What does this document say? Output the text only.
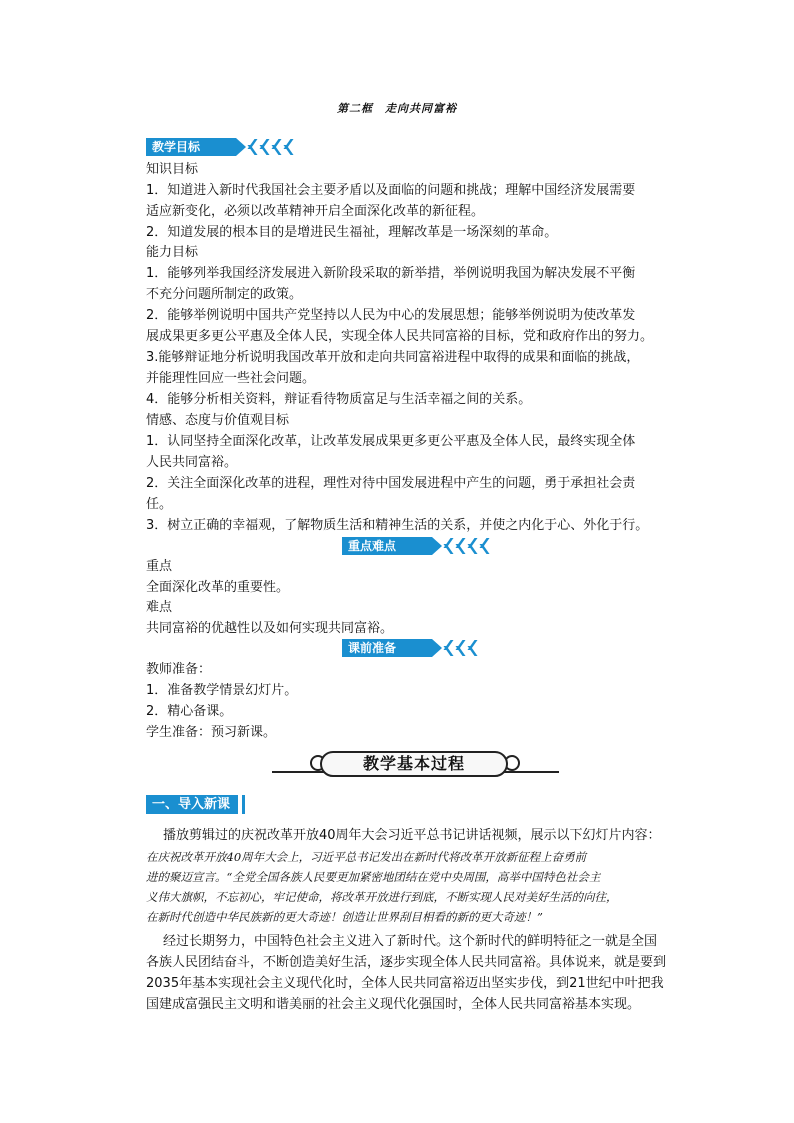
第二框 走向共同富裕
教学目标
知识目标
1．知道进入新时代我国社会主要矛盾以及面临的问题和挑战；理解中国经济发展需要
适应新变化，必须以改革精神开启全面深化改革的新征程。
2．知道发展的根本目的是增进民生福祉，理解改革是一场深刻的革命。
能力目标
1．能够列举我国经济发展进入新阶段采取的新举措，举例说明我国为解决发展不平衡
不充分问题所制定的政策。
2．能够举例说明中国共产党坚持以人民为中心的发展思想；能够举例说明为使改革发
展成果更多更公平惠及全体人民，实现全体人民共同富裕的目标，党和政府作出的努力。
3.能够辩证地分析说明我国改革开放和走向共同富裕进程中取得的成果和面临的挑战，
并能理性回应一些社会问题。
4．能够分析相关资料，辩证看待物质富足与生活幸福之间的关系。
情感、态度与价值观目标
1．认同坚持全面深化改革，让改革发展成果更多更公平惠及全体人民，最终实现全体
人民共同富裕。
2．关注全面深化改革的进程，理性对待中国发展进程中产生的问题，勇于承担社会责
任。
3．树立正确的幸福观，了解物质生活和精神生活的关系，并使之内化于心、外化于行。
重点难点
重点
全面深化改革的重要性。
难点
共同富裕的优越性以及如何实现共同富裕。
课前准备
教师准备：
1．准备教学情景幻灯片。
2．精心备课。
学生准备：预习新课。
教学基本过程
一、导入新课
播放剪辑过的庆祝改革开放40周年大会习近平总书记讲话视频，展示以下幻灯片内容：
在庆祝改革开放40周年大会上，习近平总书记发出在新时代将改革开放新征程上奋勇前
进的聚迈宣言。“全党全国各族人民要更加紧密地团结在党中央周围，高举中国特色社会主
义伟大旗帜，不忘初心，牢记使命，将改革开放进行到底，不断实现人民对美好生活的向往，
在新时代创造中华民族新的更大奇迹！创造让世界刮目相看的新的更大奇迹！”
经过长期努力，中国特色社会主义进入了新时代。这个新时代的鲜明特征之一就是全国
各族人民团结奋斗，不断创造美好生活，逐步实现全体人民共同富裕。具体说来，就是要到
2035年基本实现社会主义现代化时，全体人民共同富裕迈出坚实步伐，到21世纪中叶把我
国建成富强民主文明和谐美丽的社会主义现代化强国时，全体人民共同富裕基本实现。
